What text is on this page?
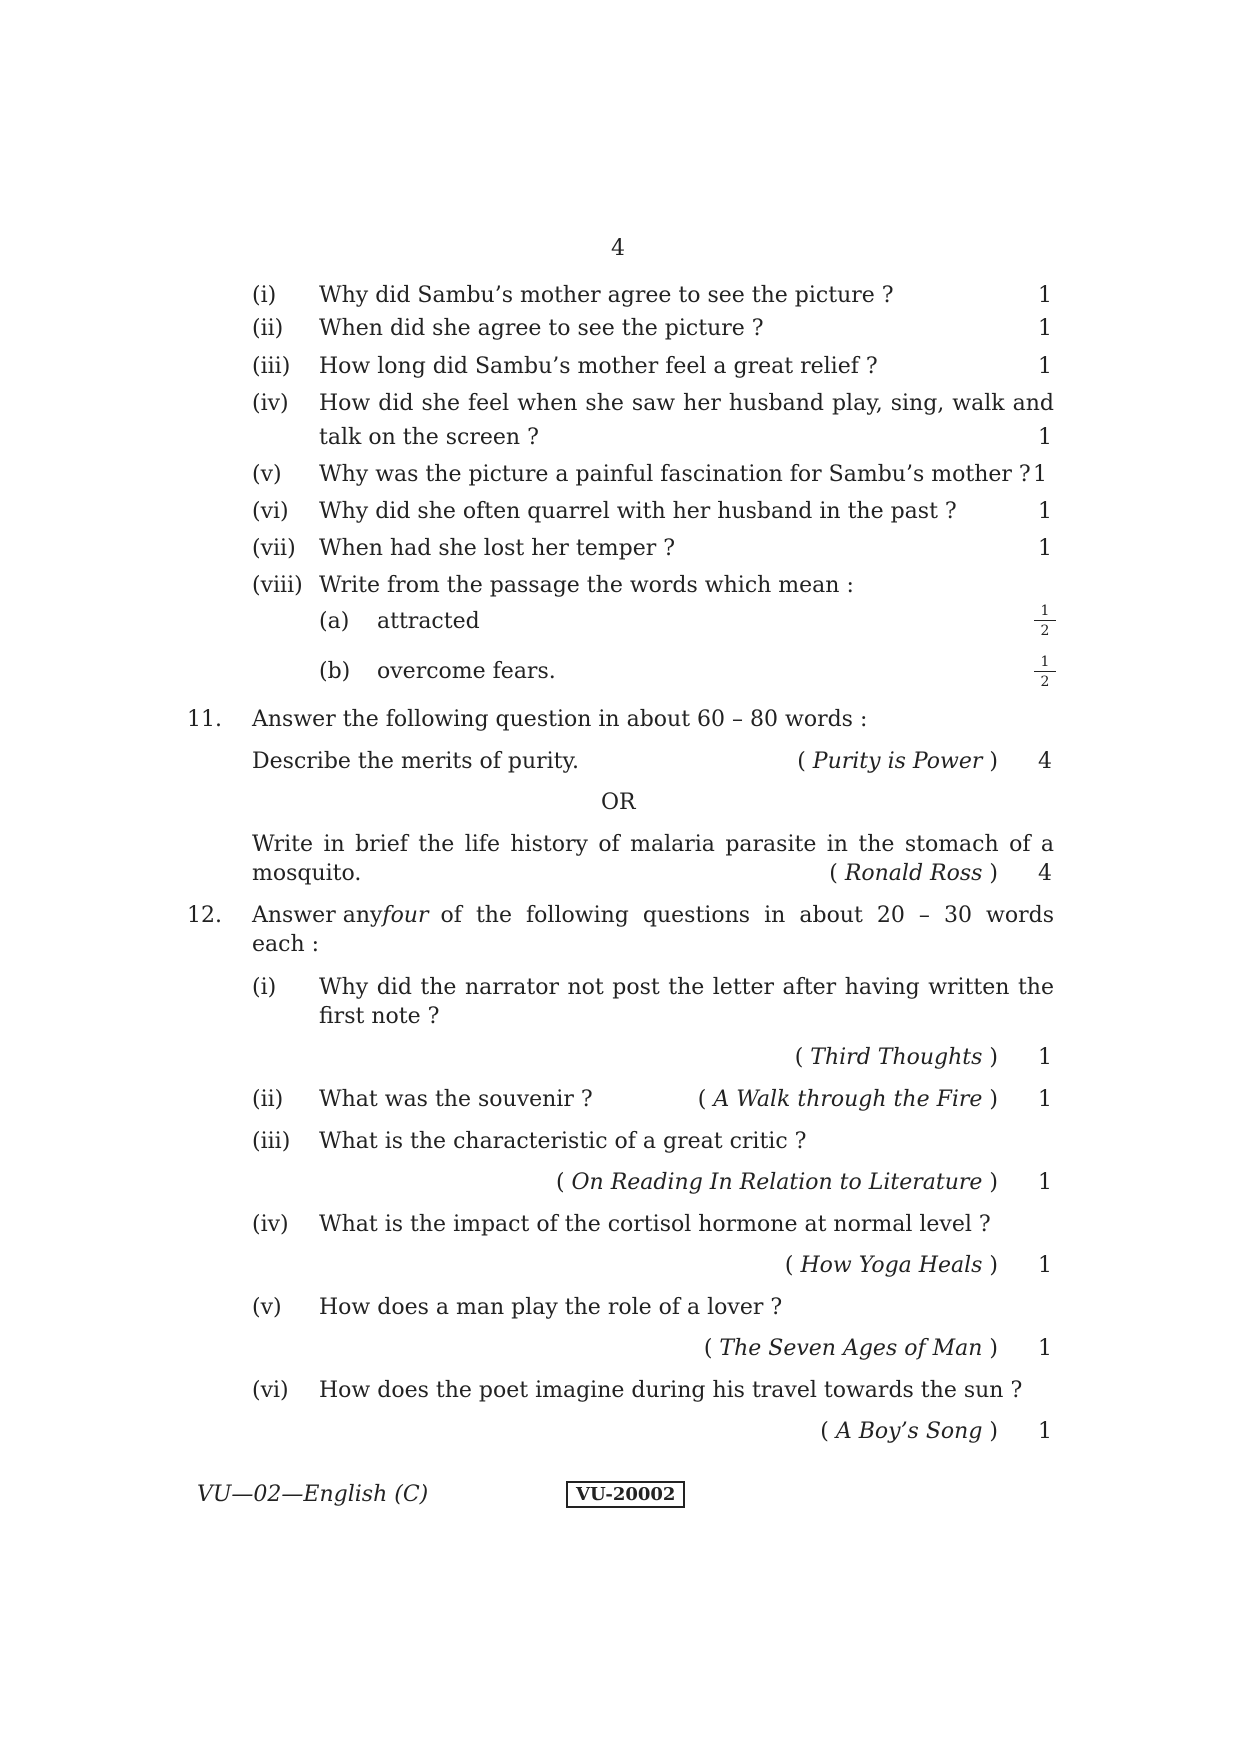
4
(i) Why did Sambu’s mother agree to see the picture ?	1
(ii) When did she agree to see the picture ?	1
(iii) How long did Sambu’s mother feel a great relief ?	1
(iv) How did she feel when she saw her husband play, sing, walk and
talk on the screen ?	1
(v) Why was the picture a painful fascination for Sambu’s mother ? 1
(vi) Why did she often quarrel with her husband in the past ?	1
(vii) When had she lost her temper ?	1
(viii) Write from the passage the words which mean :
(a) attracted	$\frac{1}{2}$
(b) overcome fears.	$\frac{1}{2}$
11. Answer the following question in about 60 – 80 words :
Describe the merits of purity.	( Purity is Power ) 4
OR
Write in brief the life history of malaria parasite in the stomach of a
mosquito.	( Ronald Ross ) 4
12. Answer any four of the following questions in about 20 – 30 words
each :
(i) Why did the narrator not post the letter after having written the
first note ?
( Third Thoughts ) 1
(ii) What was the souvenir ?	( A Walk through the Fire ) 1
(iii) What is the characteristic of a great critic ?
( On Reading In Relation to Literature ) 1
(iv) What is the impact of the cortisol hormone at normal level ?
( How Yoga Heals ) 1
(v) How does a man play the role of a lover ?
( The Seven Ages of Man ) 1
(vi) How does the poet imagine during his travel towards the sun ?
( A Boy’s Song ) 1
VU—02—English (C)	VU-20002
